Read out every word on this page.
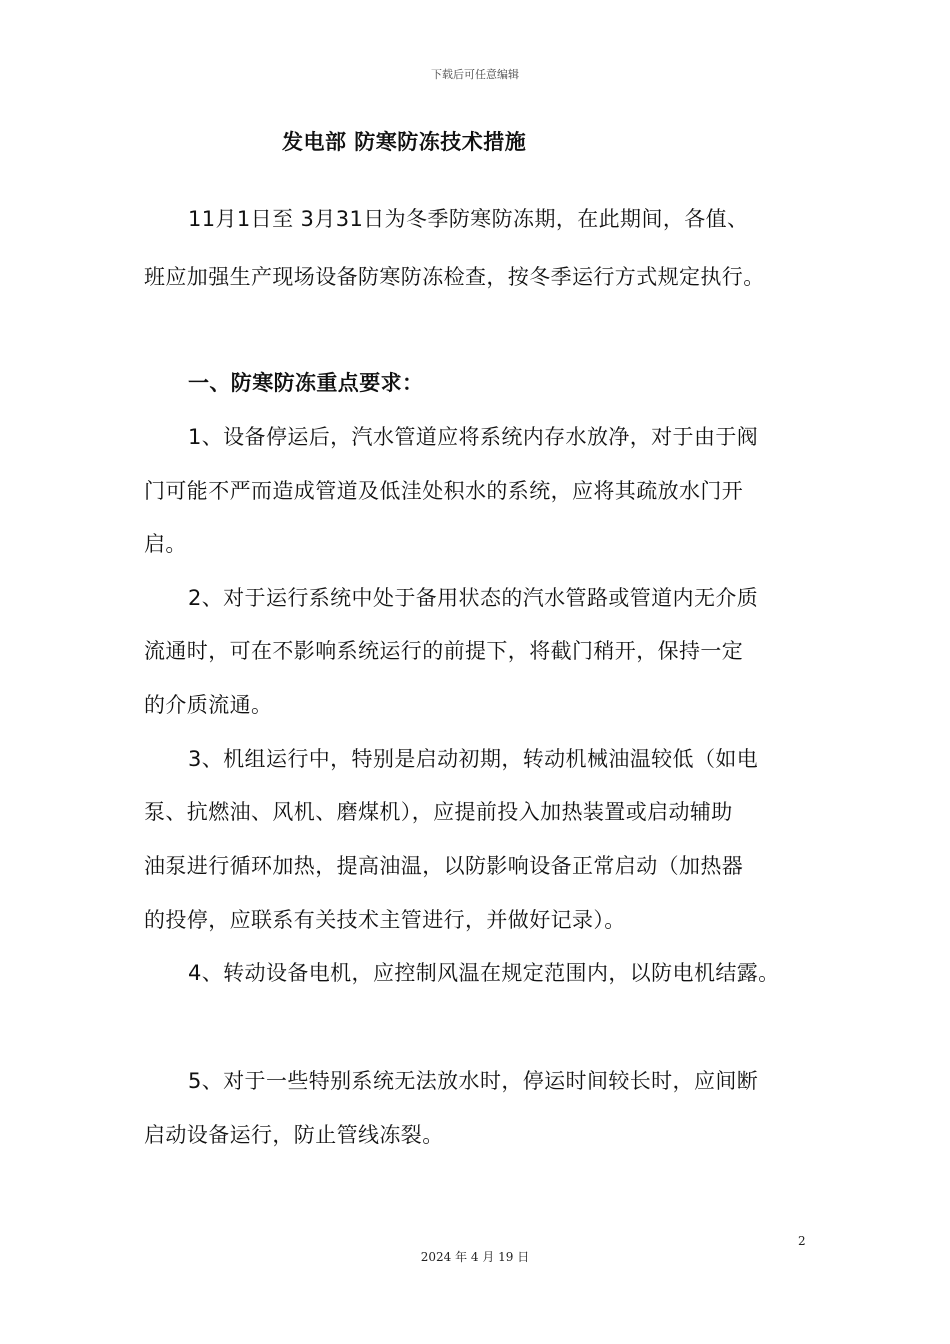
下载后可任意编辑
发电部 防寒防冻技术措施
11月1日至 3月31日为冬季防寒防冻期，在此期间，各值、
班应加强生产现场设备防寒防冻检查，按冬季运行方式规定执行。
一、防寒防冻重点要求：
1、设备停运后，汽水管道应将系统内存水放净，对于由于阀
门可能不严而造成管道及低洼处积水的系统，应将其疏放水门开
启。
2、对于运行系统中处于备用状态的汽水管路或管道内无介质
流通时，可在不影响系统运行的前提下，将截门稍开，保持一定
的介质流通。
3、机组运行中，特别是启动初期，转动机械油温较低（如电
泵、抗燃油、风机、磨煤机），应提前投入加热装置或启动辅助
油泵进行循环加热，提高油温，以防影响设备正常启动（加热器
的投停，应联系有关技术主管进行，并做好记录）。
4、转动设备电机，应控制风温在规定范围内，以防电机结露。
5、对于一些特别系统无法放水时，停运时间较长时，应间断
启动设备运行，防止管线冻裂。
2
2024 年 4 月 19 日
